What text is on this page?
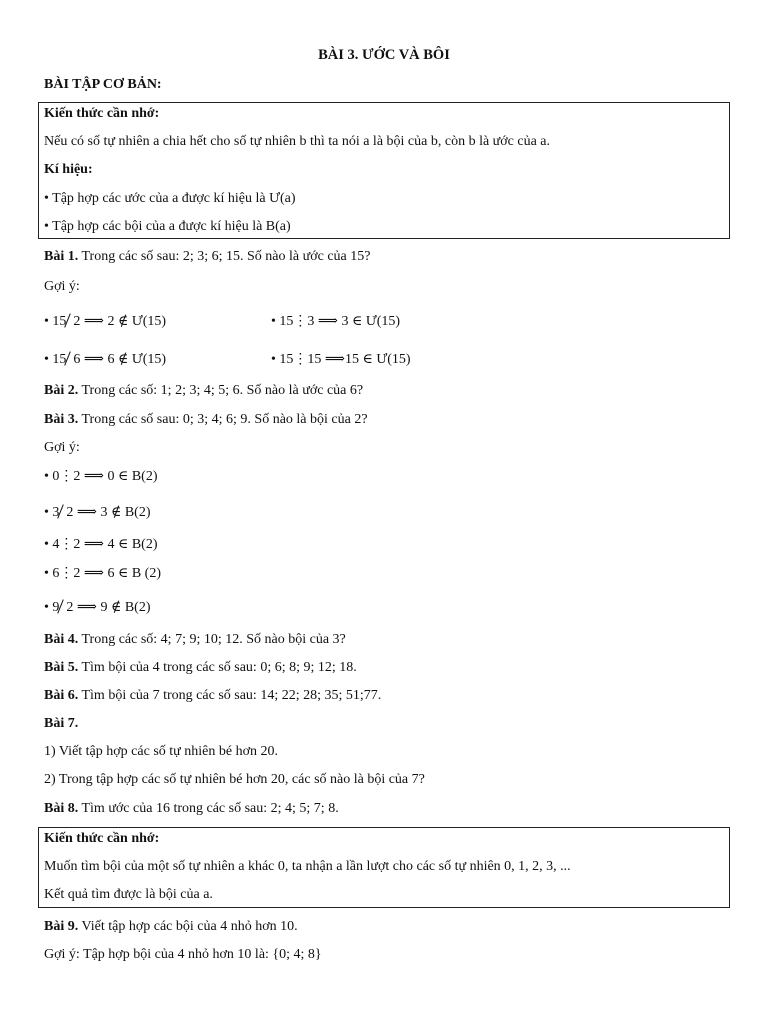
BÀI 3. ƯỚC VÀ BÔI
BÀI TẬP CƠ BẢN:
Kiến thức cần nhớ:
Nếu có số tự nhiên a chia hết cho số tự nhiên b thì ta nói a là bội của b, còn b là ước của a.
Kí hiệu:
• Tập hợp các ước của a được kí hiệu là Ư(a)
• Tập hợp các bội của a được kí hiệu là B(a)
Bài 1. Trong các số sau: 2; 3; 6; 15. Số nào là ước của 15?
Gợi ý:
• 15 2 ⟹ 2 ∉ Ư(15)	• 15⋮3 ⟹ 3 ∈ Ư(15)
• 15 6 ⟹ 6 ∉ Ư(15)	• 15⋮15 ⟹15 ∈ Ư(15)
Bài 2. Trong các số: 1; 2; 3; 4; 5; 6. Số nào là ước của 6?
Bài 3. Trong các số sau: 0; 3; 4; 6; 9. Số nào là bội của 2?
Gợi ý:
• 0⋮2 ⟹ 0 ∈ B(2)
• 3 2 ⟹ 3 ∉ B(2)
• 4⋮2 ⟹ 4 ∈ B(2)
• 6⋮2 ⟹ 6 ∈ B (2)
• 9 2 ⟹ 9 ∉ B(2)
Bài 4. Trong các số: 4; 7; 9; 10; 12. Số nào bội của 3?
Bài 5. Tìm bội của 4 trong các số sau: 0; 6; 8; 9; 12; 18.
Bài 6. Tìm bội của 7 trong các số sau: 14; 22; 28; 35; 51;77.
Bài 7.
1) Viết tập hợp các số tự nhiên bé hơn 20.
2) Trong tập hợp các số tự nhiên bé hơn 20, các số nào là bội của 7?
Bài 8. Tìm ước của 16 trong các số sau: 2; 4; 5; 7; 8.
Kiến thức cần nhớ:
Muốn tìm bội của một số tự nhiên a khác 0, ta nhận a lần lượt cho các số tự nhiên 0, 1, 2, 3, ...
Kết quả tìm được là bội của a.
Bài 9. Viết tập hợp các bội của 4 nhỏ hơn 10.
Gợi ý: Tập hợp bội của 4 nhỏ hơn 10 là: {0; 4; 8}
